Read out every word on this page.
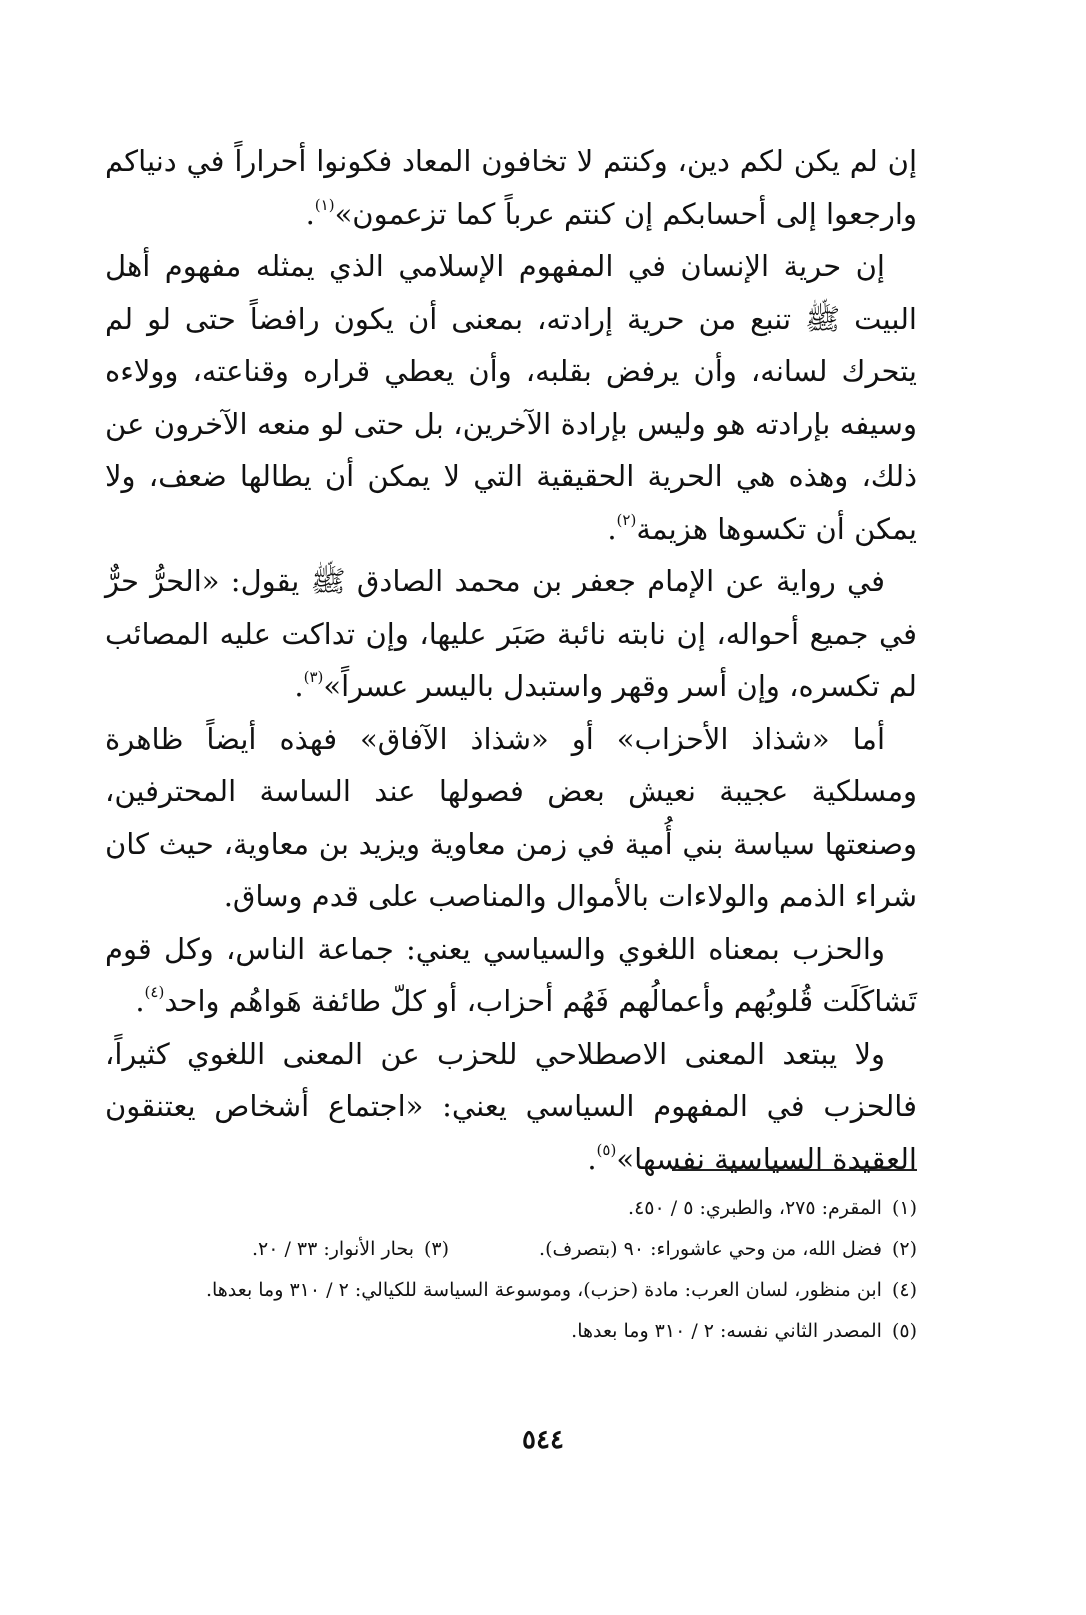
إن لم يكن لكم دين، وكنتم لا تخافون المعاد فكونوا أحراراً في دنياكم وارجعوا إلى أحسابكم إن كنتم عرباً كما تزعمون»$^{(١)}$.

إن حرية الإنسان في المفهوم الإسلامي الذي يمثله مفهوم أهل البيت ﷺ تنبع من حرية إرادته، بمعنى أن يكون رافضاً حتى لو لم يتحرك لسانه، وأن يرفض بقلبه، وأن يعطي قراره وقناعته، وولاءه وسيفه بإرادته هو وليس بإرادة الآخرين، بل حتى لو منعه الآخرون عن ذلك، وهذه هي الحرية الحقيقية التي لا يمكن أن يطالها ضعف، ولا يمكن أن تكسوها هزيمة$^{(٢)}$.

في رواية عن الإمام جعفر بن محمد الصادق ﷺ يقول: «الحرُّ حرٌّ في جميع أحواله، إن نابته نائبة صَبَر عليها، وإن تداكت عليه المصائب لم تكسره، وإن أسر وقهر واستبدل باليسر عسراً»$^{(٣)}$.

أما «شذاذ الأحزاب» أو «شذاذ الآفاق» فهذه أيضاً ظاهرة ومسلكية عجيبة نعيش بعض فصولها عند الساسة المحترفين، وصنعتها سياسة بني أُمية في زمن معاوية ويزيد بن معاوية، حيث كان شراء الذمم والولاءات بالأموال والمناصب على قدم وساق.

والحزب بمعناه اللغوي والسياسي يعني: جماعة الناس، وكل قوم تَشاكَلَت قُلوبُهم وأعمالُهم فَهُم أحزاب، أو كلّ طائفة هَواهُم واحد$^{(٤)}$.

ولا يبتعد المعنى الاصطلاحي للحزب عن المعنى اللغوي كثيراً، فالحزب في المفهوم السياسي يعني: «اجتماع أشخاص يعتنقون العقيدة السياسية نفسها»$^{(٥)}$.

(١)المقرم: ٢٧٥، والطبري: ٥ / ٤٥٠.
(٢)فضل الله، من وحي عاشوراء: ٩٠ (بتصرف).(٣)بحار الأنوار: ٣٣ / ٢٠.
(٤)ابن منظور، لسان العرب: مادة (حزب)، وموسوعة السياسة للكيالي: ٢ / ٣١٠ وما بعدها.
(٥)المصدر الثاني نفسه: ٢ / ٣١٠ وما بعدها.
٥٤٤
